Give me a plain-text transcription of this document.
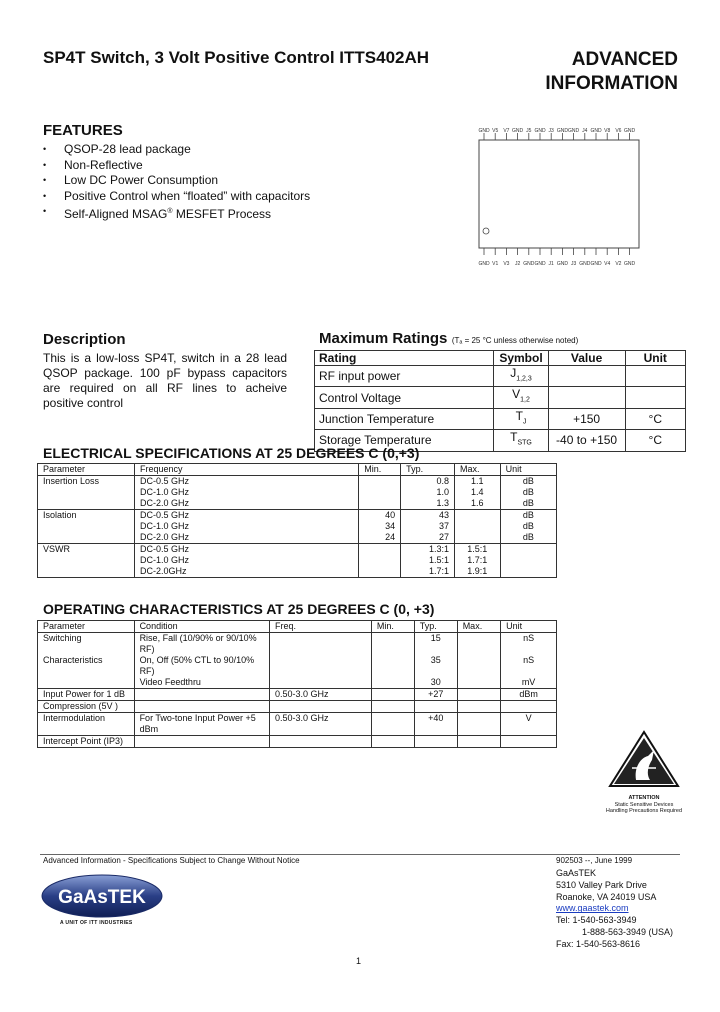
SP4T Switch, 3 Volt Positive Control ITTS402AH	ADVANCED
INFORMATION
FEATURES
• QSOP-28 lead package
• Non-Reflective
• Low DC Power Consumption
• Positive Control when “floated” with capacitors
• Self-Aligned MSAG® MESFET Process
GND V5 V7 GND J5 GND J3 GND GND J4 GND V8 V6 GND
GND V1 V3 J2 GND GND J1 GND J3 GND GND V4 V2 GND
Description
This is a low-loss SP4T, switch in a 28 lead QSOP package. 100 pF bypass capacitors are required on all RF lines to acheive positive control
Maximum Ratings (Tₐ = 25 °C unless otherwise noted)
Rating	Symbol	Value	Unit
RF input power	$J_{1,2,3}$		
Control Voltage	$V_{1,2}$		
Junction Temperature	$T_J$	+150	°C
Storage Temperature	$T_{STG}$	-40 to +150	°C
ELECTRICAL SPECIFICATIONS AT 25 DEGREES C (0,+3)
Parameter	Frequency	Min.	Typ.	Max.	Unit
Insertion Loss	DC-0.5 GHz		0.8	1.1	dB
	DC-1.0 GHz		1.0	1.4	dB
	DC-2.0 GHz		1.3	1.6	dB
Isolation	DC-0.5 GHz	40	43		dB
	DC-1.0 GHz	34	37		dB
	DC-2.0 GHz	24	27		dB
VSWR	DC-0.5 GHz		1.3:1	1.5:1	
	DC-1.0 GHz		1.5:1	1.7:1	
	DC-2.0GHz		1.7:1	1.9:1	
OPERATING CHARACTERISTICS AT 25 DEGREES C (0, +3)
Parameter	Condition	Freq.	Min.	Typ.	Max.	Unit
Switching	Rise, Fall (10/90% or 90/10% RF)			15		nS
Characteristics	On, Off (50% CTL to 90/10% RF)			35		nS
	Video Feedthru			30		mV
Input Power for 1 dB		0.50-3.0 GHz		+27		dBm
Compression (5V )						
Intermodulation	For Two-tone Input Power +5 dBm	0.50-3.0 GHz		+40		V
Intercept Point (IP3)						
ATTENTION
Static Sensitive Devices
Handling Precautions Required
Advanced Information - Specifications Subject to Change Without Notice	902503 --, June 1999
GaAsTEK
A UNIT OF ITT INDUSTRIES
GaAsTEK
5310 Valley Park Drive
Roanoke, VA 24019 USA
www.gaastek.com
Tel: 1-540-563-3949
1-888-563-3949 (USA)
Fax: 1-540-563-8616
1
